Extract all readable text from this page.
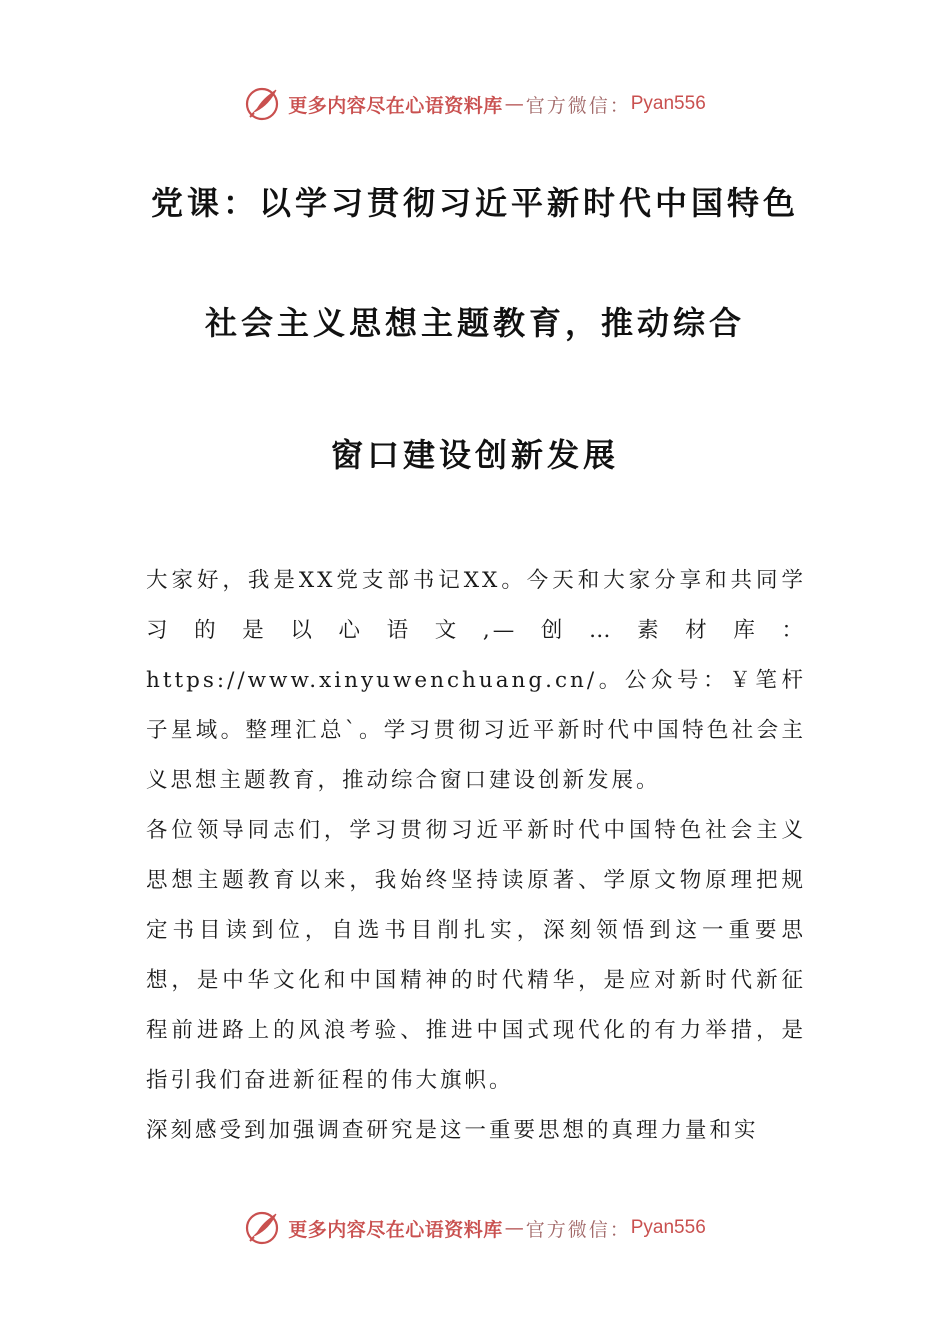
更多内容尽在心语资料库 — 官方微信： Pyan556
党课：以学习贯彻习近平新时代中国特色
社会主义思想主题教育，推动综合
窗口建设创新发展

大家好，我是XX党支部书记XX。今天和大家分享和共同学习的是以心语文,—创…素材库：https://www.xinyuwenchuang.cn/。公众号：￥笔杆子星域。整理汇总`。学习贯彻习近平新时代中国特色社会主义思想主题教育，推动综合窗口建设创新发展。

各位领导同志们，学习贯彻习近平新时代中国特色社会主义思想主题教育以来，我始终坚持读原著、学原文物原理把规定书目读到位，自选书目削扎实，深刻领悟到这一重要思想，是中华文化和中国精神的时代精华，是应对新时代新征程前进路上的风浪考验、推进中国式现代化的有力举措，是指引我们奋进新征程的伟大旗帜。

深刻感受到加强调查研究是这一重要思想的真理力量和实

更多内容尽在心语资料库 — 官方微信： Pyan556
